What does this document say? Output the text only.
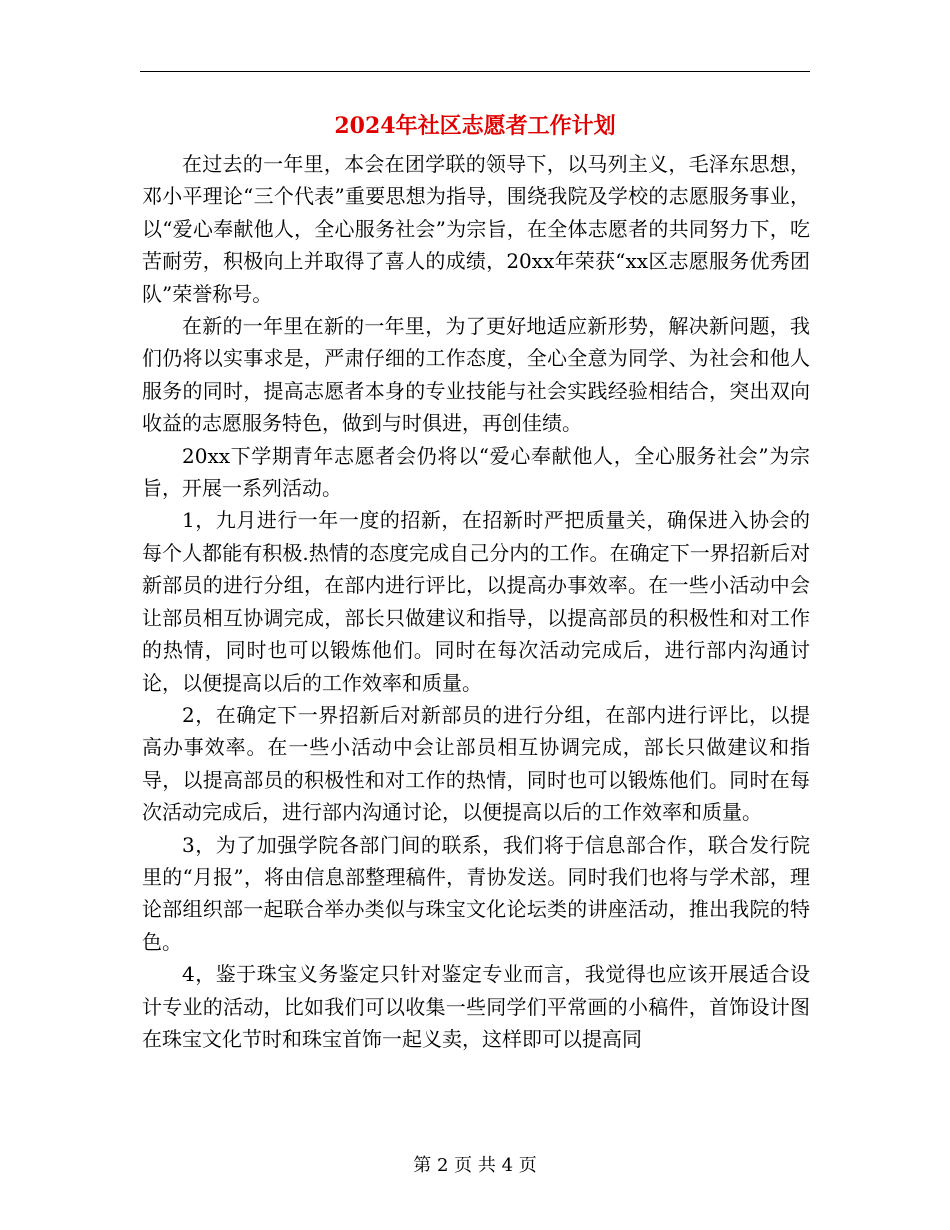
2024年社区志愿者工作计划

在过去的一年里，本会在团学联的领导下，以马列主义，毛泽东思想，邓小平理论“三个代表”重要思想为指导，围绕我院及学校的志愿服务事业，以“爱心奉献他人，全心服务社会”为宗旨，在全体志愿者的共同努力下，吃苦耐劳，积极向上并取得了喜人的成绩，20xx年荣获“xx区志愿服务优秀团队”荣誉称号。

在新的一年里在新的一年里，为了更好地适应新形势，解决新问题，我们仍将以实事求是，严肃仔细的工作态度，全心全意为同学、为社会和他人服务的同时，提高志愿者本身的专业技能与社会实践经验相结合，突出双向收益的志愿服务特色，做到与时俱进，再创佳绩。

20xx下学期青年志愿者会仍将以“爱心奉献他人，全心服务社会”为宗旨，开展一系列活动。

1，九月进行一年一度的招新，在招新时严把质量关，确保进入协会的每个人都能有积极.热情的态度完成自己分内的工作。在确定下一界招新后对新部员的进行分组，在部内进行评比，以提高办事效率。在一些小活动中会让部员相互协调完成，部长只做建议和指导，以提高部员的积极性和对工作的热情，同时也可以锻炼他们。同时在每次活动完成后，进行部内沟通讨论，以便提高以后的工作效率和质量。

2，在确定下一界招新后对新部员的进行分组，在部内进行评比，以提高办事效率。在一些小活动中会让部员相互协调完成，部长只做建议和指导，以提高部员的积极性和对工作的热情，同时也可以锻炼他们。同时在每次活动完成后，进行部内沟通讨论，以便提高以后的工作效率和质量。

3，为了加强学院各部门间的联系，我们将于信息部合作，联合发行院里的“月报”，将由信息部整理稿件，青协发送。同时我们也将与学术部，理论部组织部一起联合举办类似与珠宝文化论坛类的讲座活动，推出我院的特色。

4，鉴于珠宝义务鉴定只针对鉴定专业而言，我觉得也应该开展适合设计专业的活动，比如我们可以收集一些同学们平常画的小稿件，首饰设计图在珠宝文化节时和珠宝首饰一起义卖，这样即可以提高同

第 2 页 共 4 页
